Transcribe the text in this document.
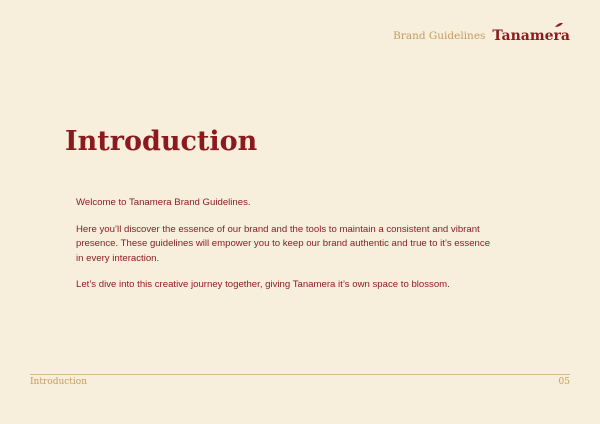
Brand Guidelines Tanamera
Introduction

Welcome to Tanamera Brand Guidelines.

Here you’ll discover the essence of our brand and the tools to maintain a consistent and vibrant presence. These guidelines will empower you to keep our brand authentic and true to it’s essence in every interaction.

Let’s dive into this creative journey together, giving Tanamera it’s own space to blossom.

Introduction	05
